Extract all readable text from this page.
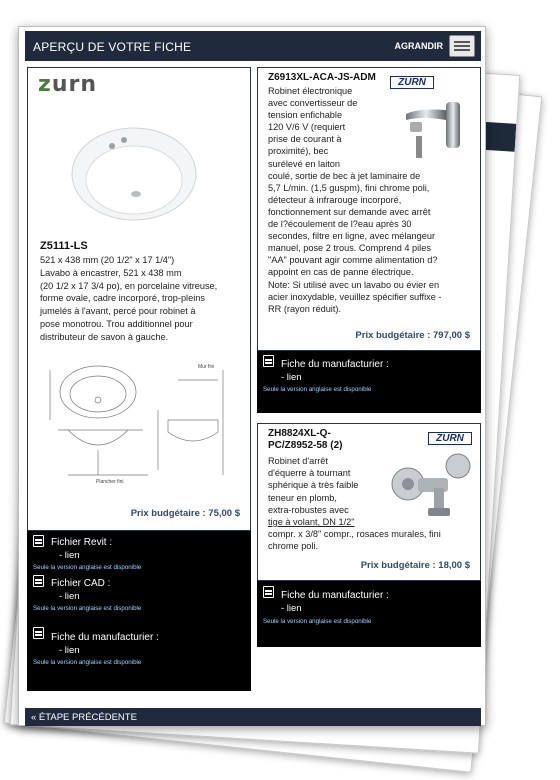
APERÇU DE VOTRE FICHE	AGRANDIR
zurn
Z5111-LS
521 x 438 mm (20 1/2" x 17 1/4")
Lavabo à encastrer, 521 x 438 mm
(20 1/2 x 17 3/4 po), en porcelaine vitreuse,
forme ovale, cadre incorporé, trop-pleins
jumelés à l'avant, percé pour robinet à
pose monotrou. Trou additionnel pour
distributeur de savon à gauche.
Mur fini
Plancher fini
Prix budgétaire : 75,00 $
Fichier Revit :
- lien
Seule la version anglaise est disponible
Fichier CAD :
- lien
Seule la version anglaise est disponible
Fiche du manufacturier :
- lien
Seule la version anglaise est disponible
Z6913XL-ACA-JS-ADM	ZURN
Robinet électronique
avec convertisseur de
tension enfichable
120 V/6 V (requiert
prise de courant à
proximité), bec
surélevé en laiton
coulé, sortie de bec à jet laminaire de
5,7 L/min. (1,5 guspm), fini chrome poli,
détecteur à infrarouge incorporé,
fonctionnement sur demande avec arrêt
de l?écoulement de l?eau après 30
secondes, filtre en ligne, avec mélangeur
manuel, pose 2 trous. Comprend 4 piles
"AA" pouvant agir comme alimentation d?
appoint en cas de panne électrique.
Note: Si utilisé avec un lavabo ou évier en
acier inoxydable, veuillez spécifier suffixe -
RR (rayon réduit).
Prix budgétaire : 797,00 $
Fiche du manufacturier :
- lien
Seule la version anglaise est disponible
ZH8824XL-Q-
PC/Z8952-58 (2)
ZURN
Robinet d'arrêt
d'équerre à tournant
sphérique à très faible
teneur en plomb,
extra-robustes avec
tige à volant, DN 1/2"
compr. x 3/8" compr., rosaces murales, fini
chrome poli.
Prix budgétaire : 18,00 $
Fiche du manufacturier :
- lien
Seule la version anglaise est disponible
« ÉTAPE PRÉCÉDENTE
